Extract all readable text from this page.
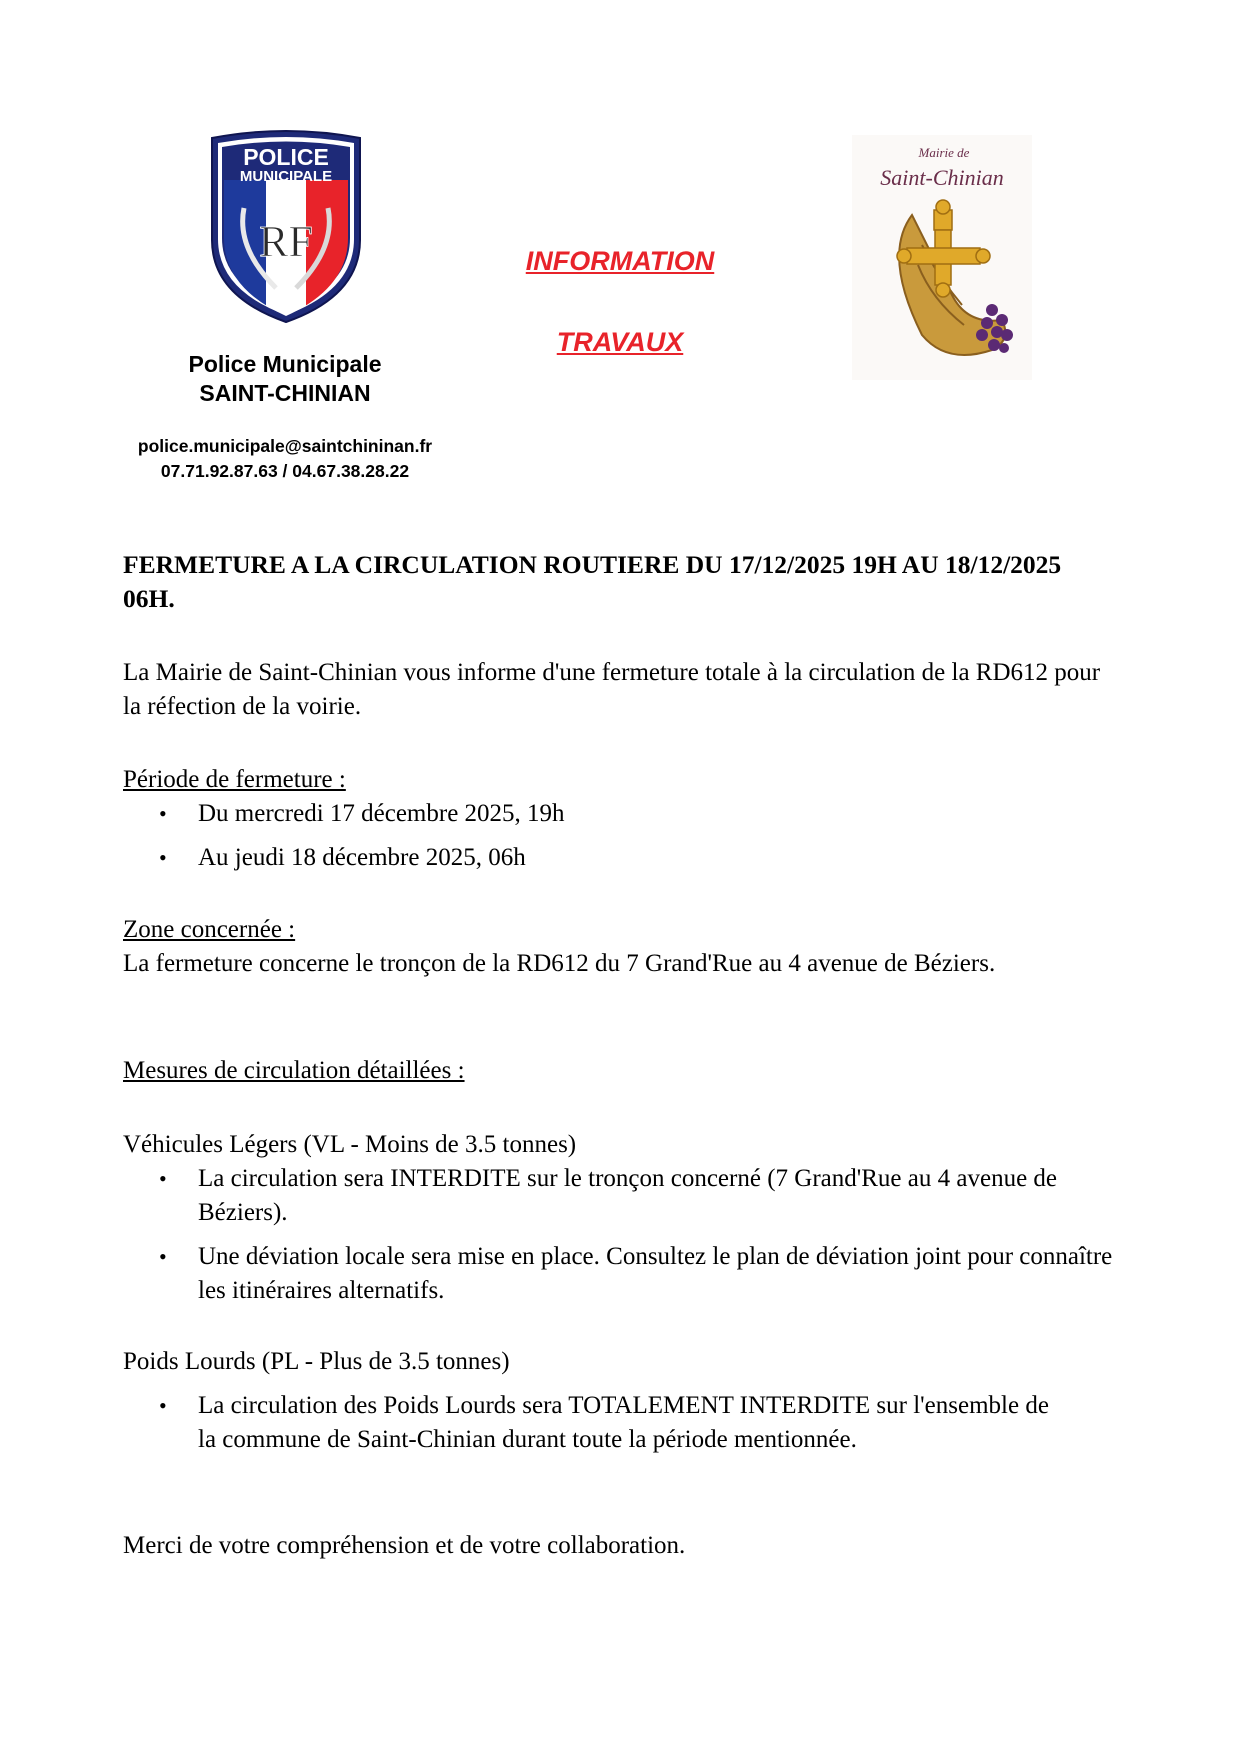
RF
POLICE
MUNICIPALE
Police Municipale
SAINT-CHINIAN
police.municipale@saintchininan.fr
07.71.92.87.63 / 04.67.38.28.22
INFORMATION
TRAVAUX
Mairie de
Saint-Chinian
FERMETURE A LA CIRCULATION ROUTIERE DU 17/12/2025 19H AU 18/12/2025 06H.
La Mairie de Saint-Chinian vous informe d'une fermeture totale à la circulation de la RD612 pour la réfection de la voirie.
Période de fermeture :
• Du mercredi 17 décembre 2025, 19h
• Au jeudi 18 décembre 2025, 06h
Zone concernée :
La fermeture concerne le tronçon de la RD612 du 7 Grand'Rue au 4 avenue de Béziers.
Mesures de circulation détaillées :
Véhicules Légers (VL - Moins de 3.5 tonnes)
• La circulation sera INTERDITE sur le tronçon concerné (7 Grand'Rue au 4 avenue de Béziers).
• Une déviation locale sera mise en place. Consultez le plan de déviation joint pour connaître les itinéraires alternatifs.
Poids Lourds (PL - Plus de 3.5 tonnes)
• La circulation des Poids Lourds sera TOTALEMENT INTERDITE sur l'ensemble de la commune de Saint-Chinian durant toute la période mentionnée.
Merci de votre compréhension et de votre collaboration.
